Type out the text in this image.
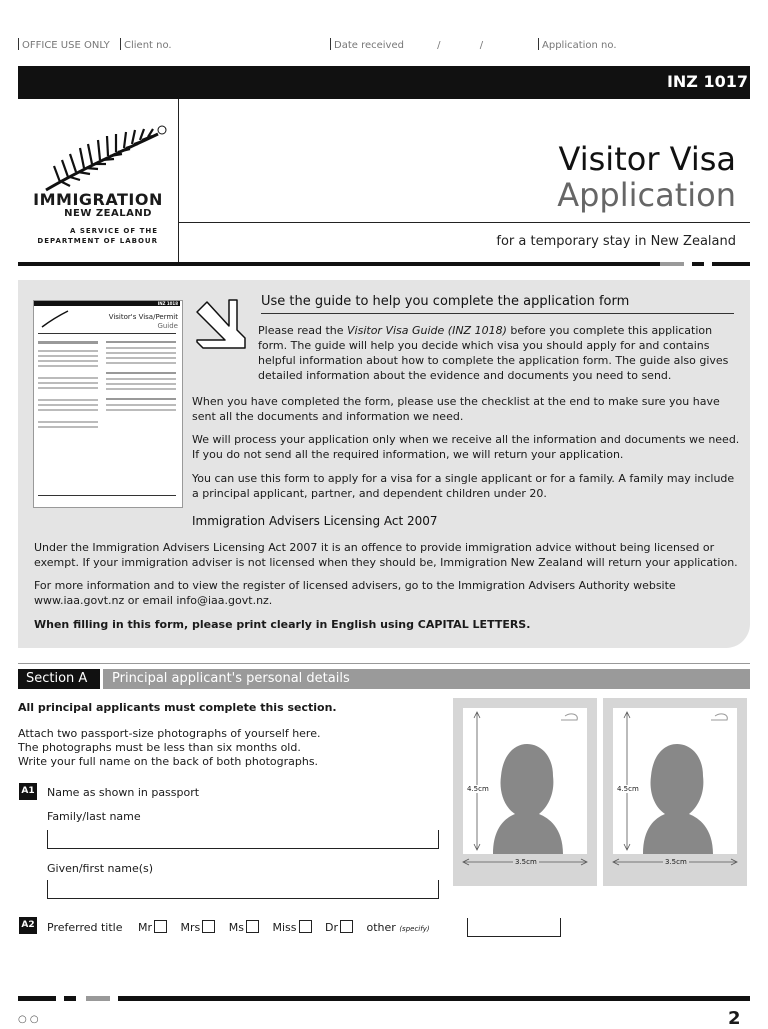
OFFICE USE ONLY	Client no.	Date received	/	/	Application no.
INZ 1017
IMMIGRATION
NEW ZEALAND
A SERVICE OF THE
DEPARTMENT OF LABOUR
Visitor Visa
Application
for a temporary stay in New Zealand
INZ 1018
Visitor's Visa/Permit
Guide
Use the guide to help you complete the application form
Please read the Visitor Visa Guide (INZ 1018) before you complete this application form. The guide will help you decide which visa you should apply for and contains helpful information about how to complete the application form. The guide also gives detailed information about the evidence and documents you need to send.
When you have completed the form, please use the checklist at the end to make sure you have sent all the documents and information we need.
We will process your application only when we receive all the information and documents we need. If you do not send all the required information, we will return your application.
You can use this form to apply for a visa for a single applicant or for a family. A family may include a principal applicant, partner, and dependent children under 20.
Immigration Advisers Licensing Act 2007
Under the Immigration Advisers Licensing Act 2007 it is an offence to provide immigration advice without being licensed or exempt. If your immigration adviser is not licensed when they should be, Immigration New Zealand will return your application.
For more information and to view the register of licensed advisers, go to the Immigration Advisers Authority website www.iaa.govt.nz or email info@iaa.govt.nz.
When filling in this form, please print clearly in English using CAPITAL LETTERS.
Section A	Principal applicant's personal details
All principal applicants must complete this section.
Attach two passport-size photographs of yourself here.
The photographs must be less than six months old.
Write your full name on the back of both photographs.
4.5cm
3.5cm
4.5cm
3.5cm
A1 Name as shown in passport
Family/last name
Given/first name(s)
A2 Preferred title Mr	Mrs	Ms	Miss	Dr	other (specify)
○ ○	2
